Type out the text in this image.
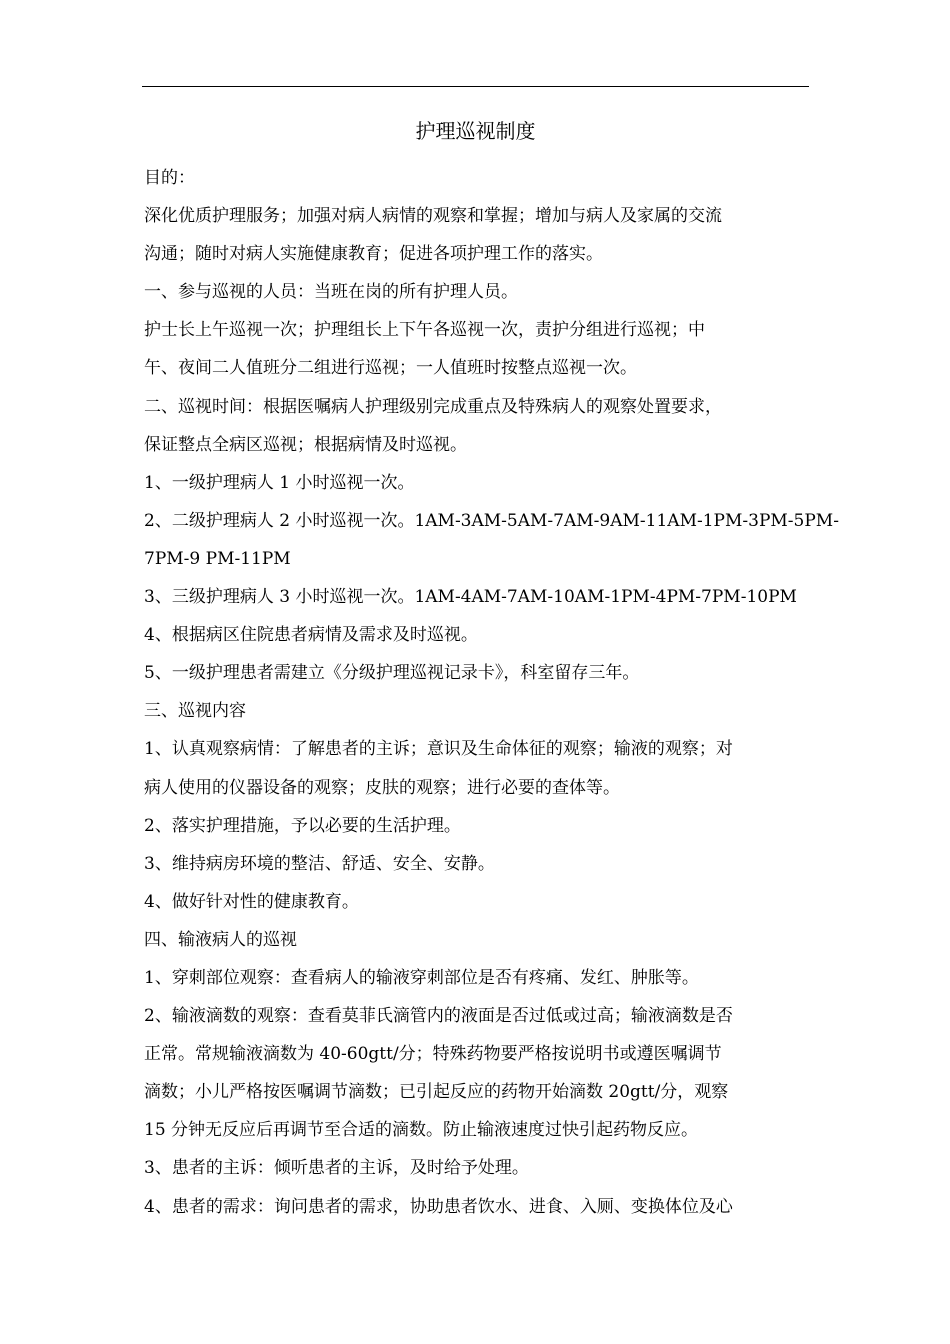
护理巡视制度

目的：

深化优质护理服务；加强对病人病情的观察和掌握；增加与病人及家属的交流

沟通；随时对病人实施健康教育；促进各项护理工作的落实。

一、参与巡视的人员：当班在岗的所有护理人员。

护士长上午巡视一次；护理组长上下午各巡视一次，责护分组进行巡视；中

午、夜间二人值班分二组进行巡视；一人值班时按整点巡视一次。

二、巡视时间：根据医嘱病人护理级别完成重点及特殊病人的观察处置要求，

保证整点全病区巡视；根据病情及时巡视。

1、一级护理病人 1 小时巡视一次。

2、二级护理病人 2 小时巡视一次。1AM-3AM-5AM-7AM-9AM-11AM-1PM-3PM-5PM-

7PM-9 PM-11PM

3、三级护理病人 3 小时巡视一次。1AM-4AM-7AM-10AM-1PM-4PM-7PM-10PM

4、根据病区住院患者病情及需求及时巡视。

5、一级护理患者需建立《分级护理巡视记录卡》，科室留存三年。

三、巡视内容

1、认真观察病情：了解患者的主诉；意识及生命体征的观察；输液的观察；对

病人使用的仪器设备的观察；皮肤的观察；进行必要的查体等。

2、落实护理措施，予以必要的生活护理。

3、维持病房环境的整洁、舒适、安全、安静。

4、做好针对性的健康教育。

四、输液病人的巡视

1、穿刺部位观察：查看病人的输液穿刺部位是否有疼痛、发红、肿胀等。

2、输液滴数的观察：查看莫菲氏滴管内的液面是否过低或过高；输液滴数是否

正常。常规输液滴数为 40-60gtt/分；特殊药物要严格按说明书或遵医嘱调节

滴数；小儿严格按医嘱调节滴数；已引起反应的药物开始滴数 20gtt/分，观察

15 分钟无反应后再调节至合适的滴数。防止输液速度过快引起药物反应。

3、患者的主诉：倾听患者的主诉，及时给予处理。

4、患者的需求：询问患者的需求，协助患者饮水、进食、入厕、变换体位及心
